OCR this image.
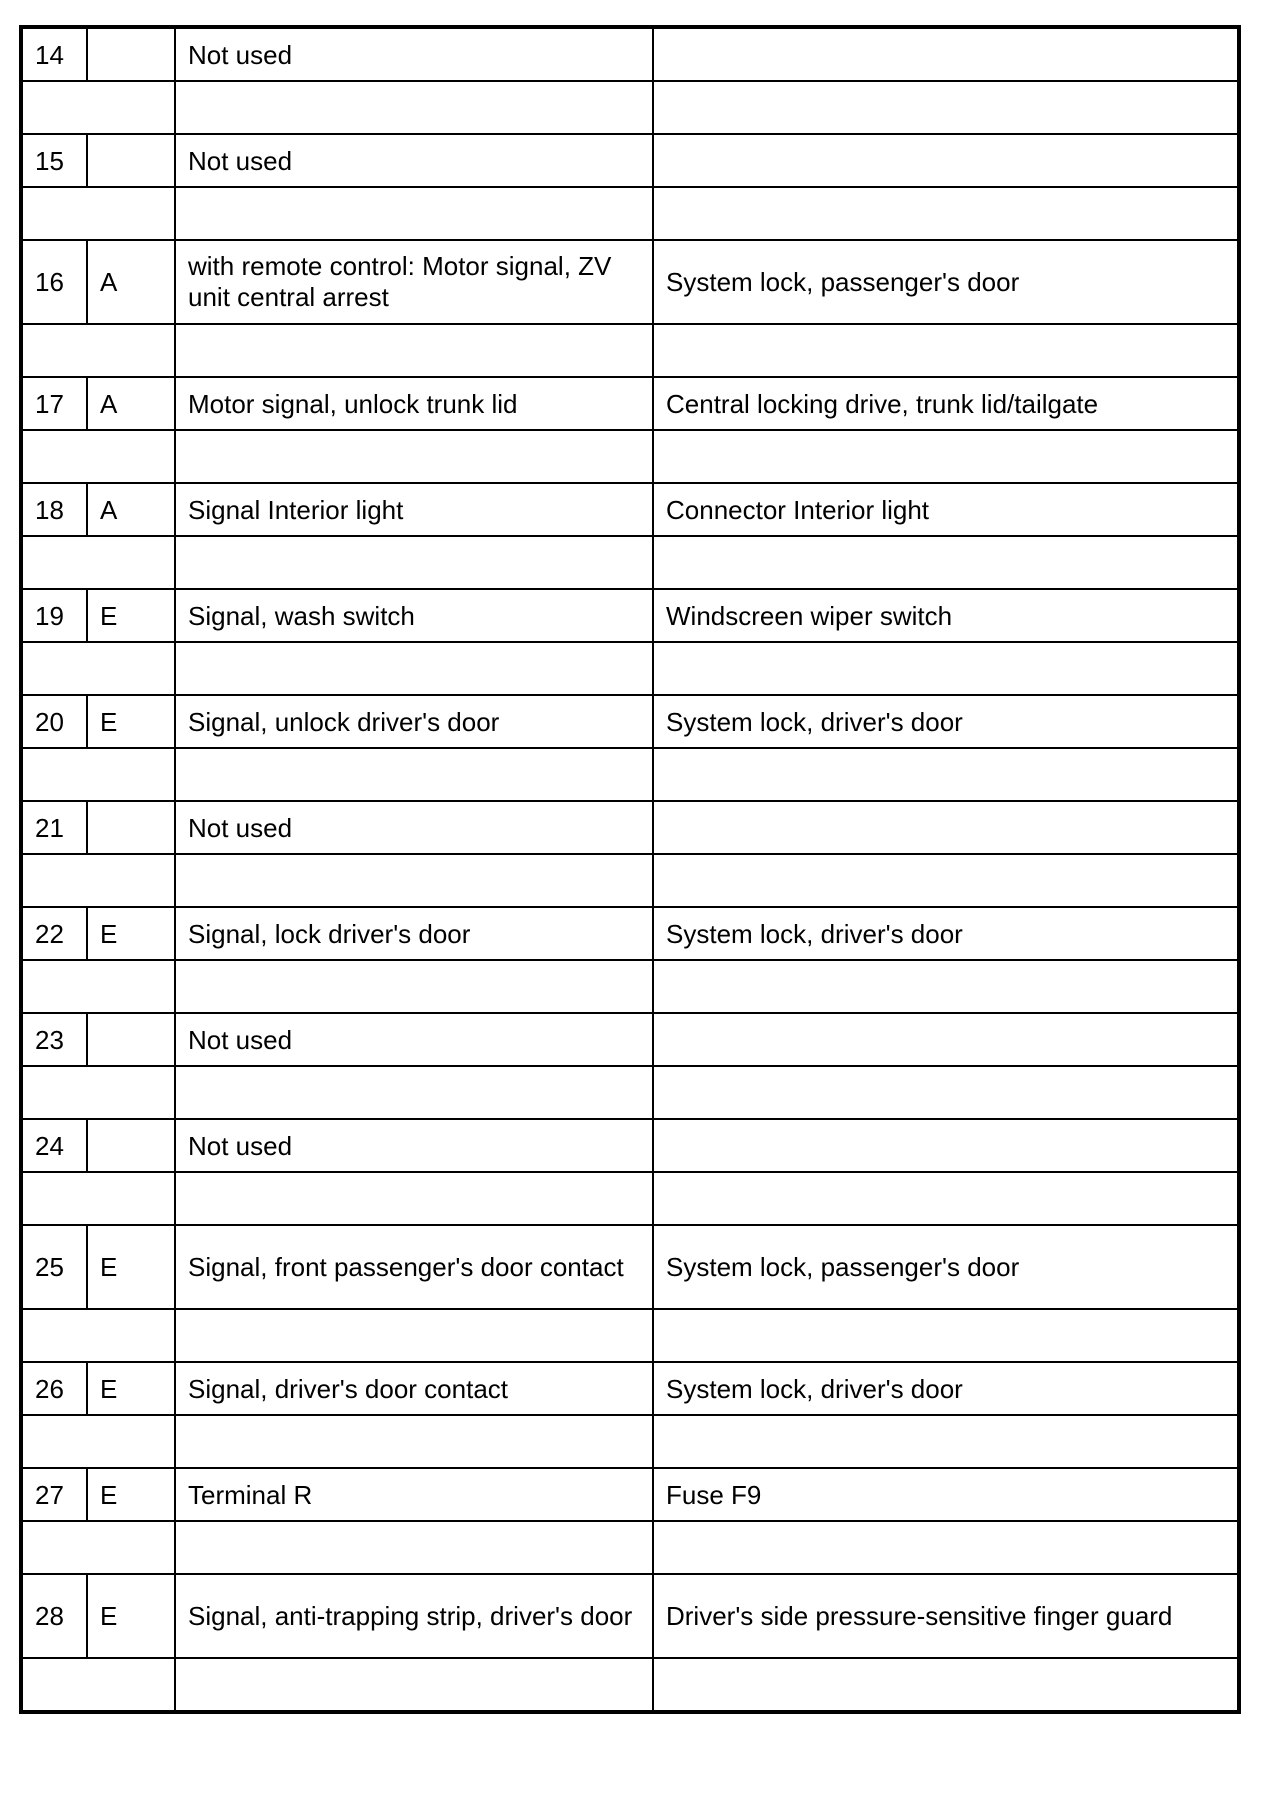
14		Not used	

15		Not used	

16	A	with remote control: Motor signal, ZV unit central arrest	System lock, passenger's door

17	A	Motor signal, unlock trunk lid	Central locking drive, trunk lid/tailgate

18	A	Signal Interior light	Connector Interior light

19	E	Signal, wash switch	Windscreen wiper switch

20	E	Signal, unlock driver's door	System lock, driver's door

21		Not used	

22	E	Signal, lock driver's door	System lock, driver's door

23		Not used	

24		Not used	

25	E	Signal, front passenger's door contact	System lock, passenger's door

26	E	Signal, driver's door contact	System lock, driver's door

27	E	Terminal R	Fuse F9

28	E	Signal, anti-trapping strip, driver's door	Driver's side pressure-sensitive finger guard
